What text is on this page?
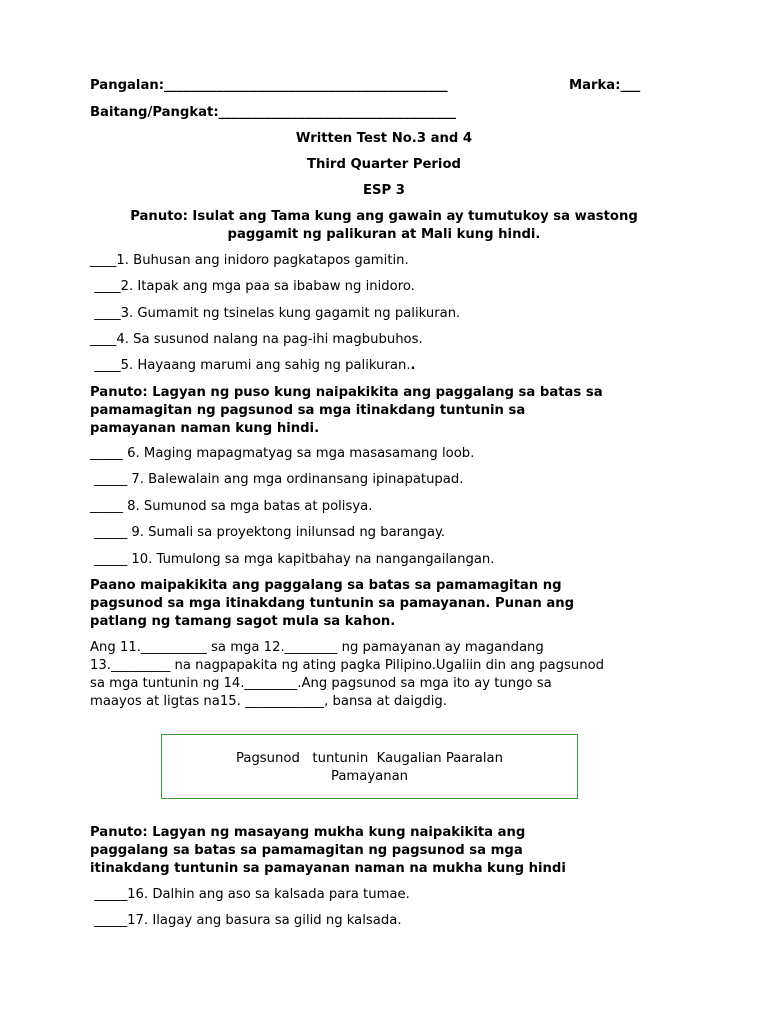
Pangalan:___________________________________________	Marka:___
Baitang/Pangkat:____________________________________
Written Test No.3 and 4
Third Quarter Period
ESP 3
Panuto: Isulat ang Tama kung ang gawain ay tumutukoy sa wastong
paggamit ng palikuran at Mali kung hindi.
____1. Buhusan ang inidoro pagkatapos gamitin.
____2. Itapak ang mga paa sa ibabaw ng inidoro.
____3. Gumamit ng tsinelas kung gagamit ng palikuran.
____4. Sa susunod nalang na pag-ihi magbubuhos.
____5. Hayaang marumi ang sahig ng palikuran..
Panuto: Lagyan ng puso kung naipakikita ang paggalang sa batas sa
pamamagitan ng pagsunod sa mga itinakdang tuntunin sa
pamayanan naman kung hindi.
_____ 6. Maging mapagmatyag sa mga masasamang loob.
_____ 7. Balewalain ang mga ordinansang ipinapatupad.
_____ 8. Sumunod sa mga batas at polisya.
_____ 9. Sumali sa proyektong inilunsad ng barangay.
_____ 10. Tumulong sa mga kapitbahay na nangangailangan.
Paano maipakikita ang paggalang sa batas sa pamamagitan ng
pagsunod sa mga itinakdang tuntunin sa pamayanan. Punan ang
patlang ng tamang sagot mula sa kahon.
Ang 11.__________ sa mga 12.________ ng pamayanan ay magandang
13._________ na nagpapakita ng ating pagka Pilipino.Ugaliin din ang pagsunod
sa mga tuntunin ng 14.________.Ang pagsunod sa mga ito ay tungo sa
maayos at ligtas na15. ____________, bansa at daigdig.
Pagsunod   tuntunin  Kaugalian Paaralan
Pamayanan
Panuto: Lagyan ng masayang mukha kung naipakikita ang
paggalang sa batas sa pamamagitan ng pagsunod sa mga
itinakdang tuntunin sa pamayanan naman na mukha kung hindi
_____16. Dalhin ang aso sa kalsada para tumae.
_____17. Ilagay ang basura sa gilid ng kalsada.
